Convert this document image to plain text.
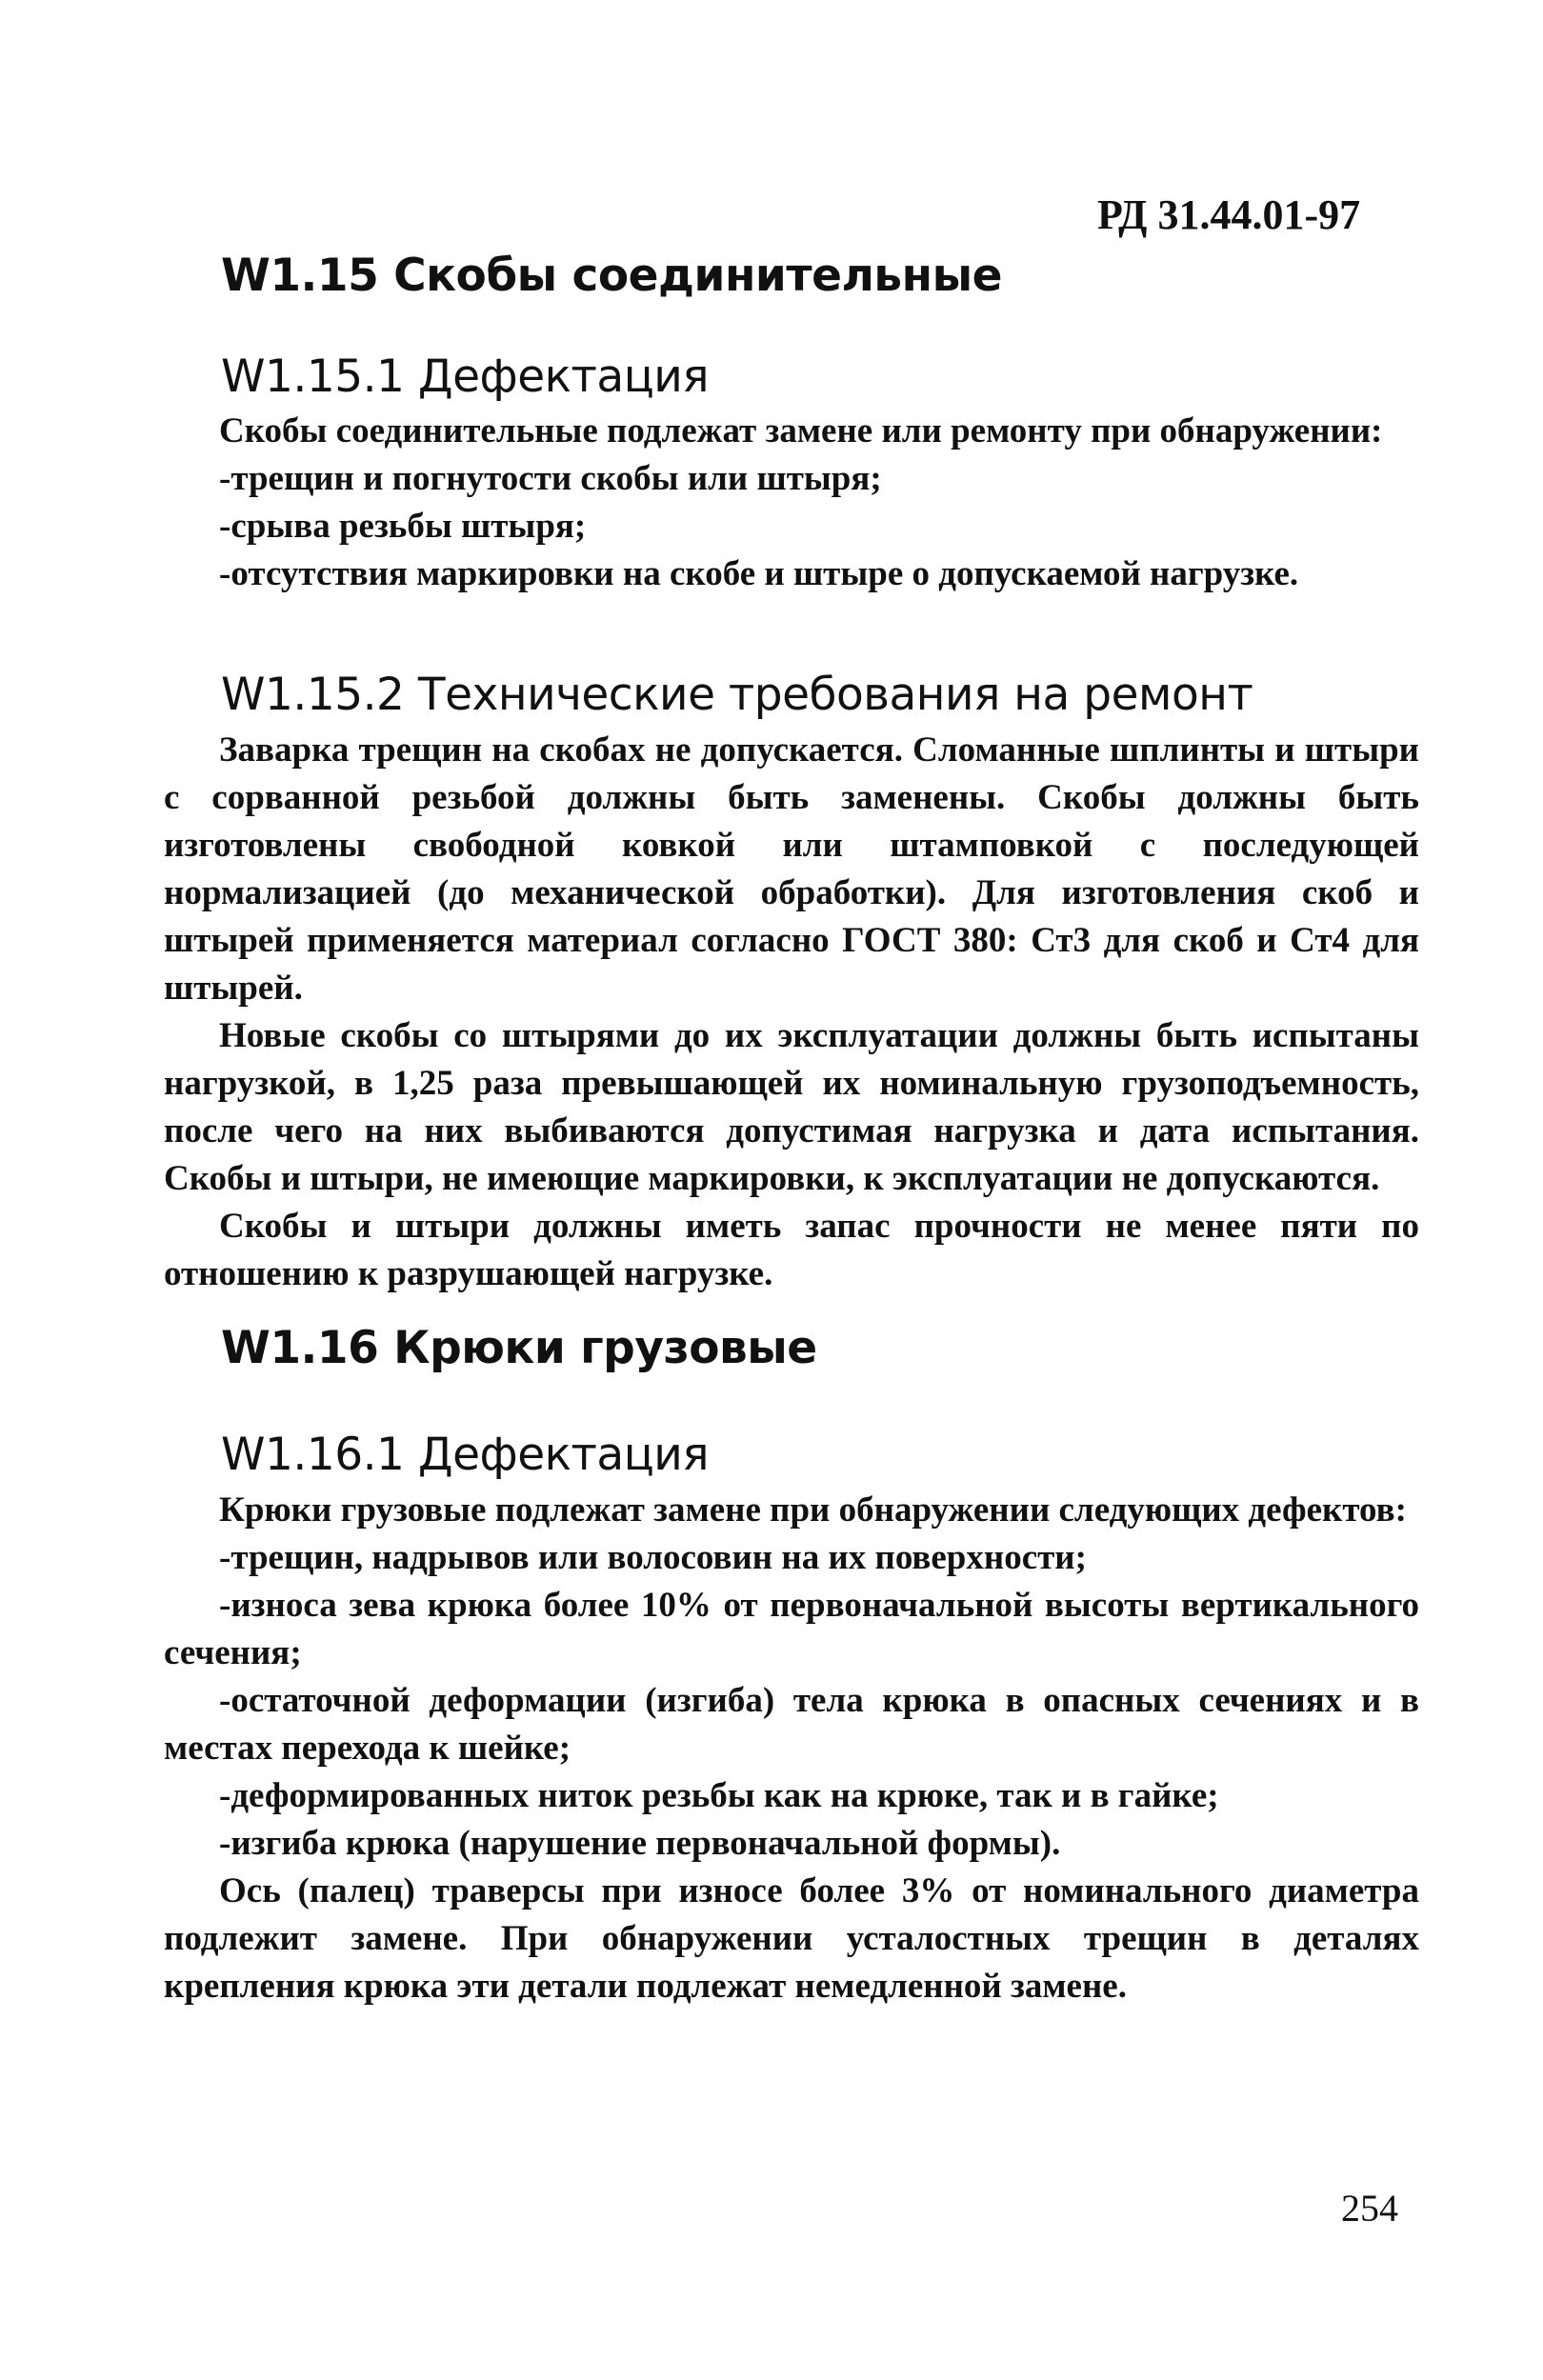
РД 31.44.01-97
W1.15 Скобы соединительные
W1.15.1 Дефектация

Скобы соединительные подлежат замене или ремонту при обнаружении:

-трещин и погнутости скобы или штыря;

-срыва резьбы штыря;

-отсутствия маркировки на скобе и штыре о допускаемой нагрузке.

W1.15.2 Технические требования на ремонт

Заварка трещин на скобах не допускается. Сломанные шплинты и штыри с сорванной резьбой должны быть заменены. Скобы должны быть изготовлены свободной ковкой или штамповкой с последующей нормализацией (до механической обработки). Для изготовления скоб и штырей применяется материал согласно ГОСТ 380: Ст3 для скоб и Ст4 для штырей.

Новые скобы со штырями до их эксплуатации должны быть испытаны нагрузкой, в 1,25 раза превышающей их номинальную грузоподъемность, после чего на них выбиваются допустимая нагрузка и дата испытания. Скобы и штыри, не имеющие маркировки, к эксплуатации не допускаются.

Скобы и штыри должны иметь запас прочности не менее пяти по отношению к разрушающей нагрузке.

W1.16 Крюки грузовые
W1.16.1 Дефектация

Крюки грузовые подлежат замене при обнаружении следующих дефектов:

-трещин, надрывов или волосовин на их поверхности;

-износа зева крюка более 10% от первоначальной высоты вертикального сечения;

-остаточной деформации (изгиба) тела крюка в опасных сечениях и в местах перехода к шейке;

-деформированных ниток резьбы как на крюке, так и в гайке;

-изгиба крюка (нарушение первоначальной формы).

Ось (палец) траверсы при износе более 3% от номинального диаметра подлежит замене. При обнаружении усталостных трещин в деталях крепления крюка эти детали подлежат немедленной замене.

254
